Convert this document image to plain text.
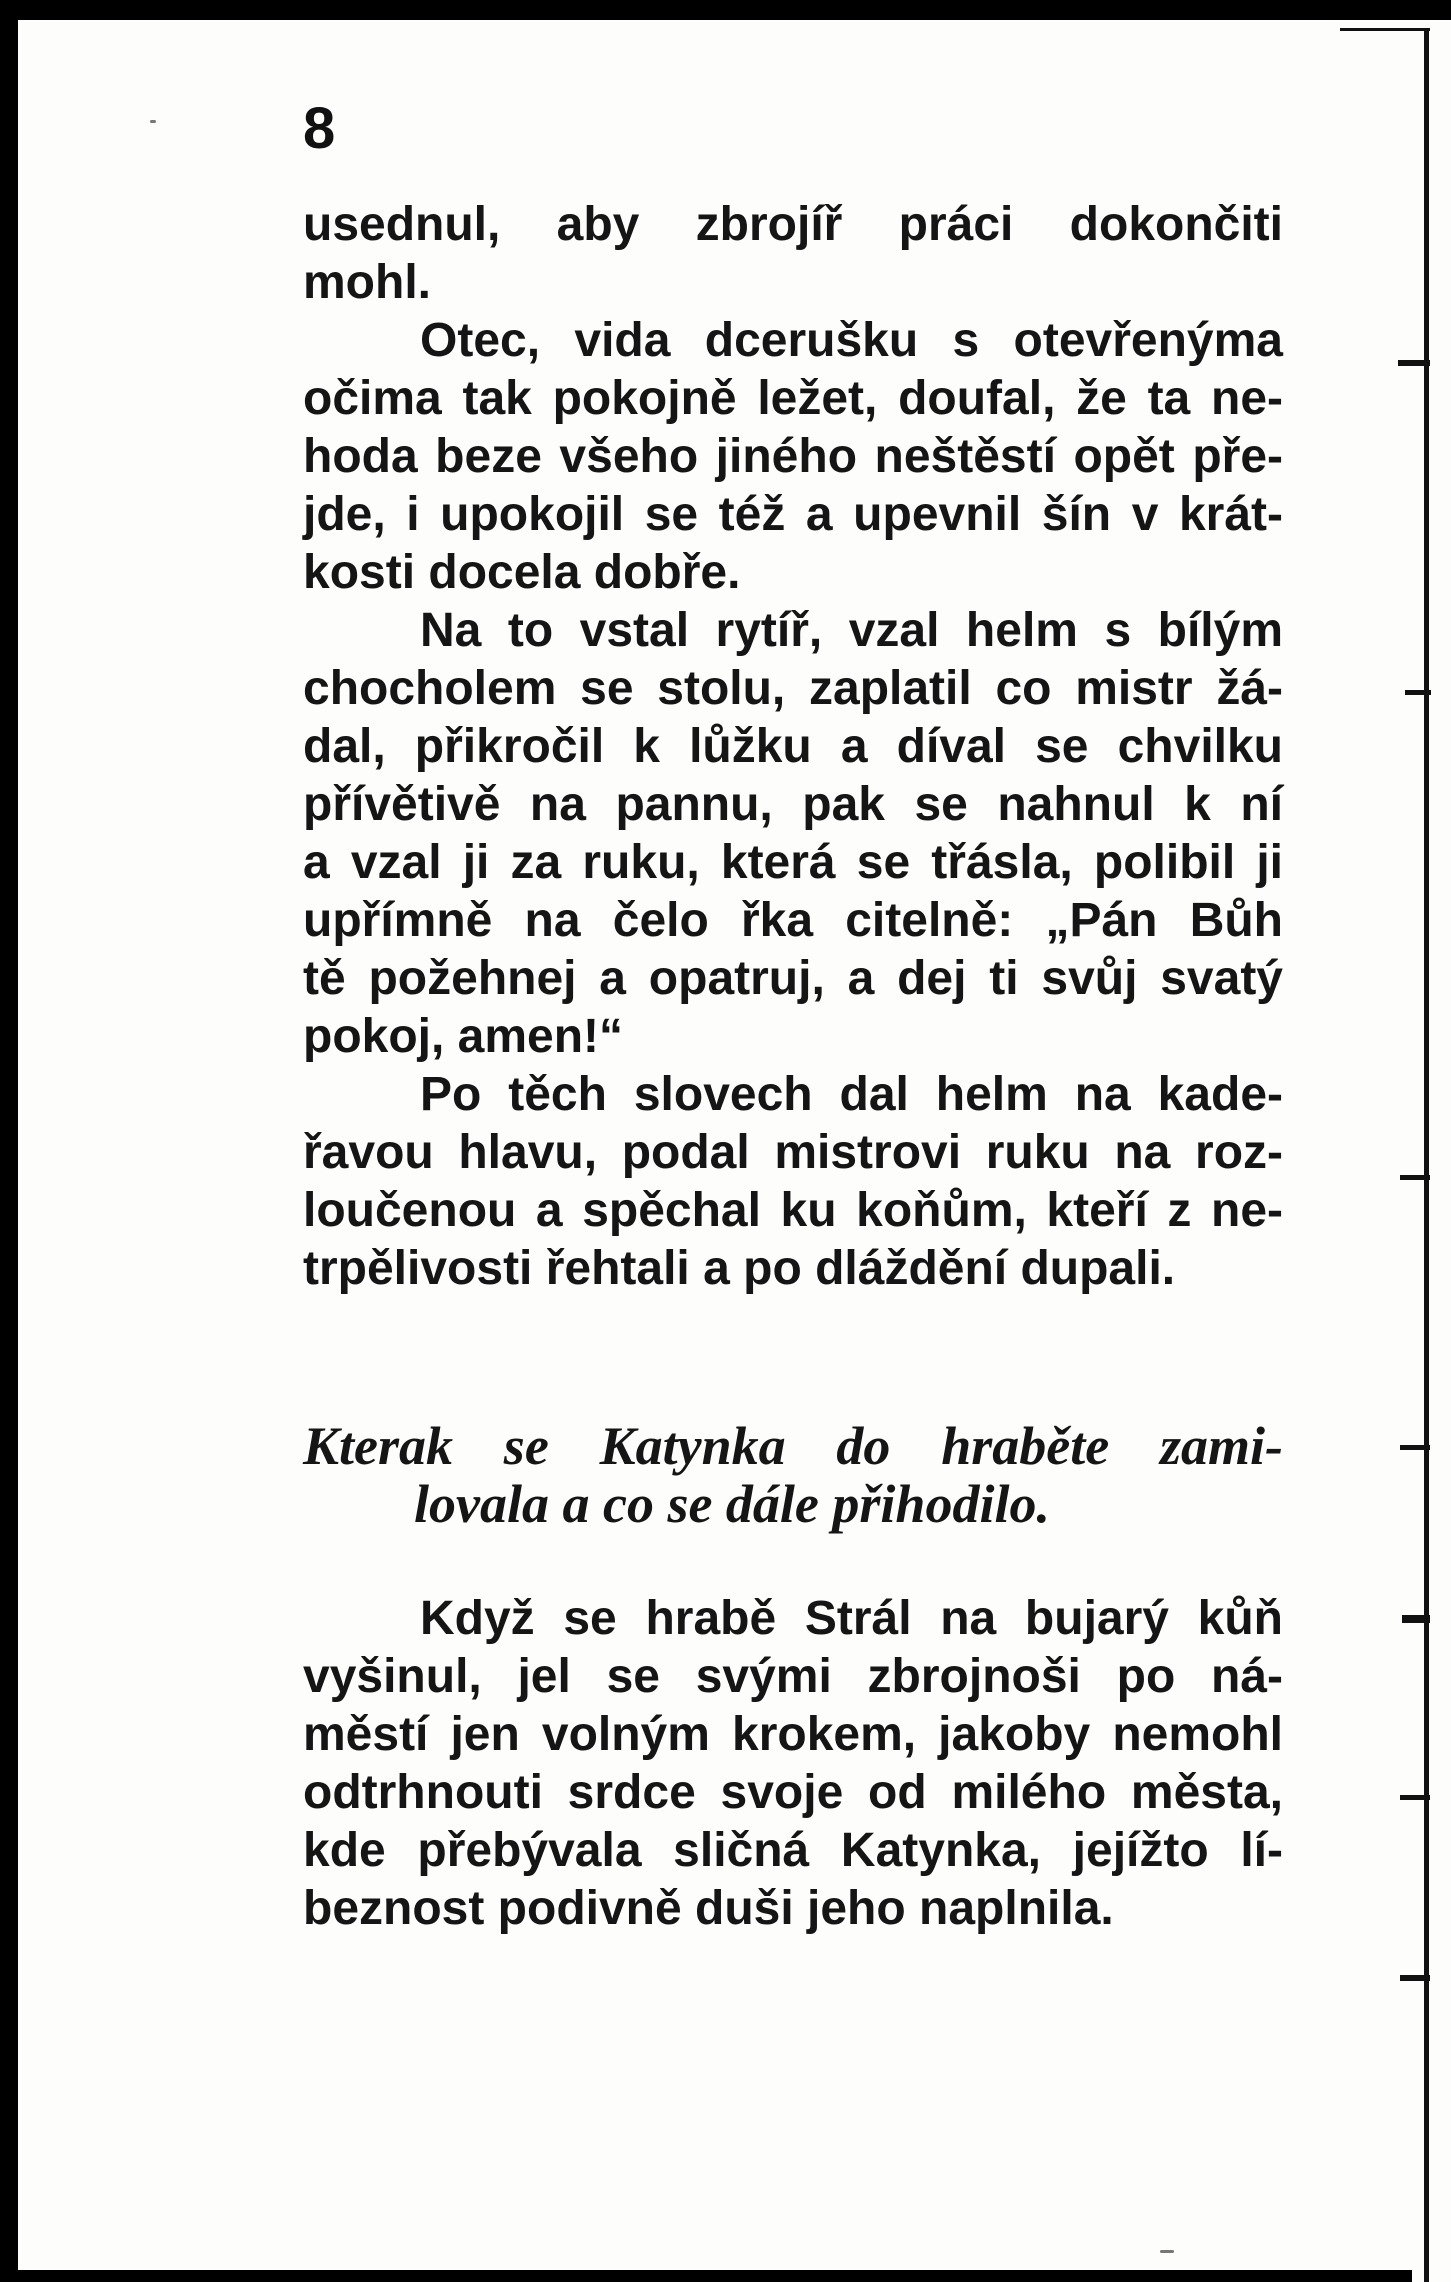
8
usednul, aby zbrojíř práci dokončiti
mohl.
Otec, vida dcerušku s otevřenýma
očima tak pokojně ležet, doufal, že ta ne-
hoda beze všeho jiného neštěstí opět pře-
jde, i upokojil se též a upevnil šín v krát-
kosti docela dobře.
Na to vstal rytíř, vzal helm s bílým
chocholem se stolu, zaplatil co mistr žá-
dal, přikročil k lůžku a díval se chvilku
přívětivě na pannu, pak se nahnul k ní
a vzal ji za ruku, která se třásla, polibil ji
upřímně na čelo řka citelně: „Pán Bůh
tě požehnej a opatruj, a dej ti svůj svatý
pokoj, amen!“
Po těch slovech dal helm na kade-
řavou hlavu, podal mistrovi ruku na roz-
loučenou a spěchal ku koňům, kteří z ne-
trpělivosti řehtali a po dláždění dupali.
Kterak se Katynka do hraběte zami-
lovala a co se dále přihodilo.
Když se hrabě Strál na bujarý kůň
vyšinul, jel se svými zbrojnoši po ná-
městí jen volným krokem, jakoby nemohl
odtrhnouti srdce svoje od milého města,
kde přebývala sličná Katynka, jejížto lí-
beznost podivně duši jeho naplnila.
